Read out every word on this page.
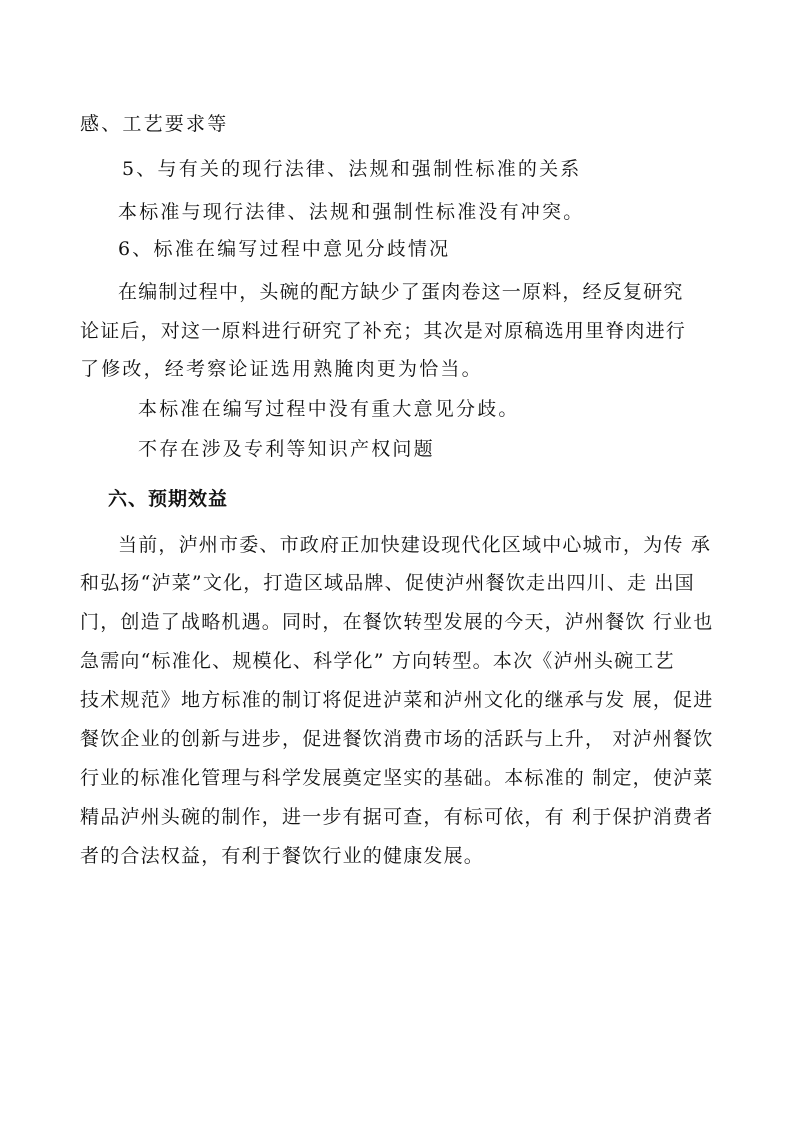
感、工艺要求等
5、与有关的现行法律、法规和强制性标准的关系
本标准与现行法律、法规和强制性标准没有冲突。
6、标准在编写过程中意见分歧情况
在编制过程中，头碗的配方缺少了蛋肉卷这一原料，经反复研究
论证后，对这一原料进行研究了补充；其次是对原稿选用里脊肉进行
了修改，经考察论证选用熟腌肉更为恰当。
本标准在编写过程中没有重大意见分歧。
不存在涉及专利等知识产权问题
六、预期效益
当前，泸州市委、市政府正加快建设现代化区域中心城市，为传 承
和弘扬“泸菜”文化，打造区域品牌、促使泸州餐饮走出四川、走 出国
门，创造了战略机遇。同时，在餐饮转型发展的今天，泸州餐饮 行业也
急需向“标准化、规模化、科学化” 方向转型。本次《泸州头碗工艺
技术规范》地方标准的制订将促进泸菜和泸州文化的继承与发 展，促进
餐饮企业的创新与进步，促进餐饮消费市场的活跃与上升， 对泸州餐饮
行业的标准化管理与科学发展奠定坚实的基础。本标准的 制定，使泸菜
精品泸州头碗的制作，进一步有据可查，有标可依，有 利于保护消费者
者的合法权益，有利于餐饮行业的健康发展。
